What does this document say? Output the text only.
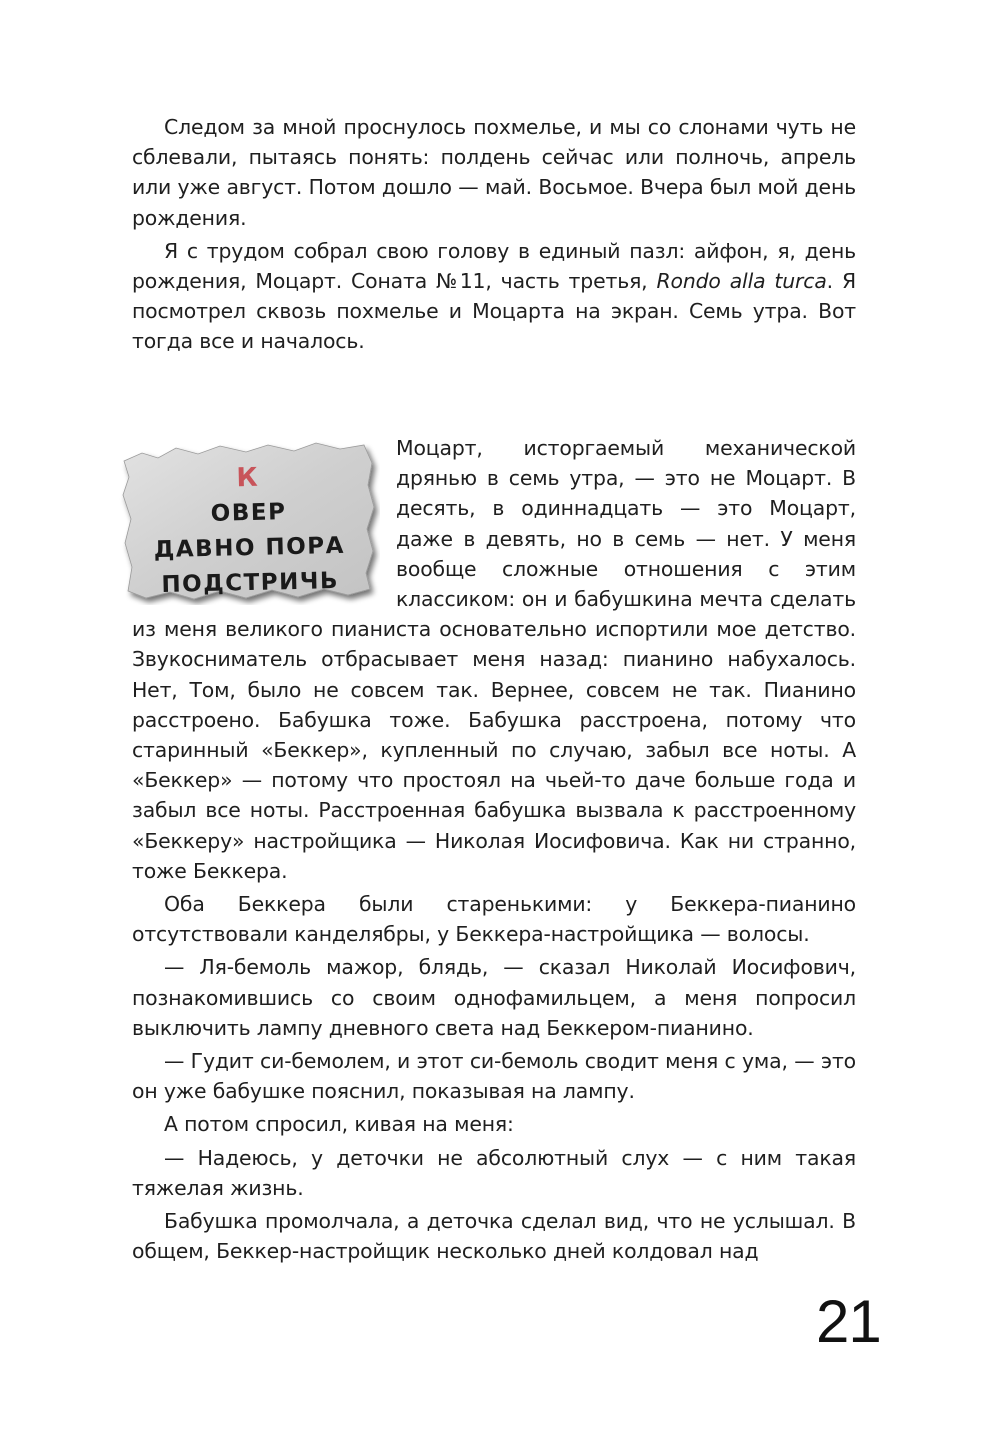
Следом за мной проснулось похмелье, и мы со слонами чуть не сблевали, пытаясь понять: полдень сейчас или полночь, апрель или уже август. Потом дошло — май. Восьмое. Вчера был мой день рождения.

Я с трудом собрал свою голову в единый пазл: айфон, я, день рождения, Моцарт. Соната №11, часть третья, Rondo alla turca. Я посмотрел сквозь похмелье и Моцарта на экран. Семь утра. Вот тогда все и началось.

К
ОВЕР
ДАВНО ПОРА
ПОДСТРИЧЬ

Моцарт, исторгаемый механической дрянью в семь утра, — это не Моцарт. В десять, в одиннадцать — это Моцарт, даже в девять, но в семь — нет. У меня вообще сложные отношения с этим классиком: он и бабушкина мечта сделать из меня великого пианиста основательно испортили мое детство. Звукосниматель отбрасывает меня назад: пианино набухалось. Нет, Том, было не совсем так. Вернее, совсем не так. Пианино расстроено. Бабушка тоже. Бабушка расстроена, потому что старинный «Беккер», купленный по случаю, забыл все ноты. А «Беккер» — потому что простоял на чьей-то даче больше года и забыл все ноты. Расстроенная бабушка вызвала к расстроенному «Беккеру» настройщика — Николая Иосифовича. Как ни странно, тоже Беккера.

Оба Беккера были старенькими: у Беккера-пианино отсутствовали канделябры, у Беккера-настройщика — волосы.

— Ля-бемоль мажор, блядь, — сказал Николай Иосифович, познакомившись со своим однофамильцем, а меня попросил выключить лампу дневного света над Беккером-пианино.

— Гудит си-бемолем, и этот си-бемоль сводит меня с ума, — это он уже бабушке пояснил, показывая на лампу.

А потом спросил, кивая на меня:

— Надеюсь, у деточки не абсолютный слух — с ним такая тяжелая жизнь.

Бабушка промолчала, а деточка сделал вид, что не услышал. В общем, Беккер-настройщик несколько дней колдовал над

21
